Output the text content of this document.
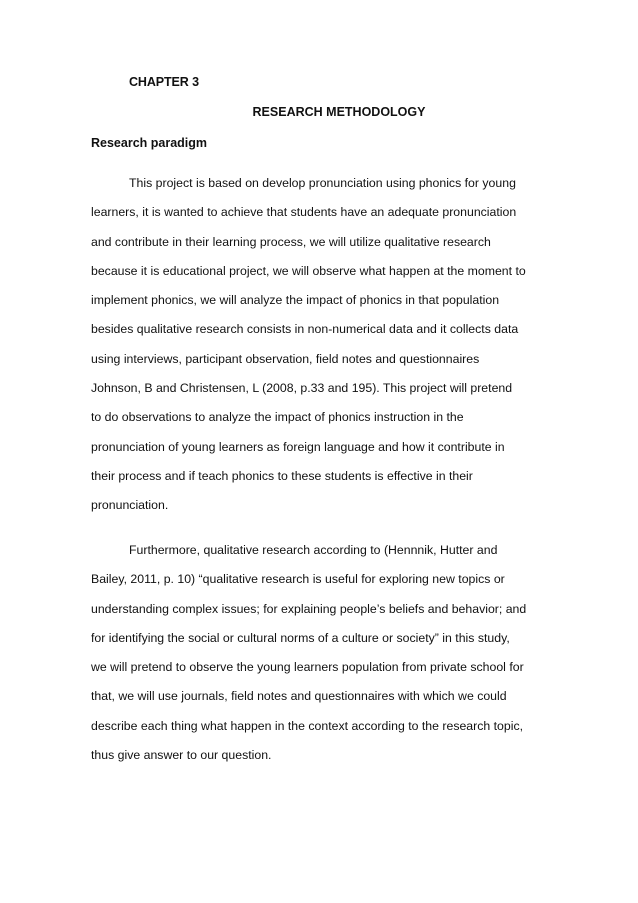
CHAPTER 3
RESEARCH METHODOLOGY
Research paradigm
This project is based on develop pronunciation using phonics for young
learners, it is wanted to achieve that students have an adequate pronunciation
and contribute in their learning process, we will utilize qualitative research
because it is educational project, we will observe what happen at the moment to
implement phonics, we will analyze the impact of phonics in that population
besides qualitative research consists in non-numerical data and it collects data
using interviews, participant observation, field notes and questionnaires
Johnson, B and Christensen, L (2008, p.33 and 195). This project will pretend
to do observations to analyze the impact of phonics instruction in the
pronunciation of young learners as foreign language and how it contribute in
their process and if teach phonics to these students is effective in their
pronunciation.
Furthermore, qualitative research according to (Hennnik, Hutter and
Bailey, 2011, p. 10) “qualitative research is useful for exploring new topics or
understanding complex issues; for explaining people’s beliefs and behavior; and
for identifying the social or cultural norms of a culture or society” in this study,
we will pretend to observe the young learners population from private school for
that, we will use journals, field notes and questionnaires with which we could
describe each thing what happen in the context according to the research topic,
thus give answer to our question.
